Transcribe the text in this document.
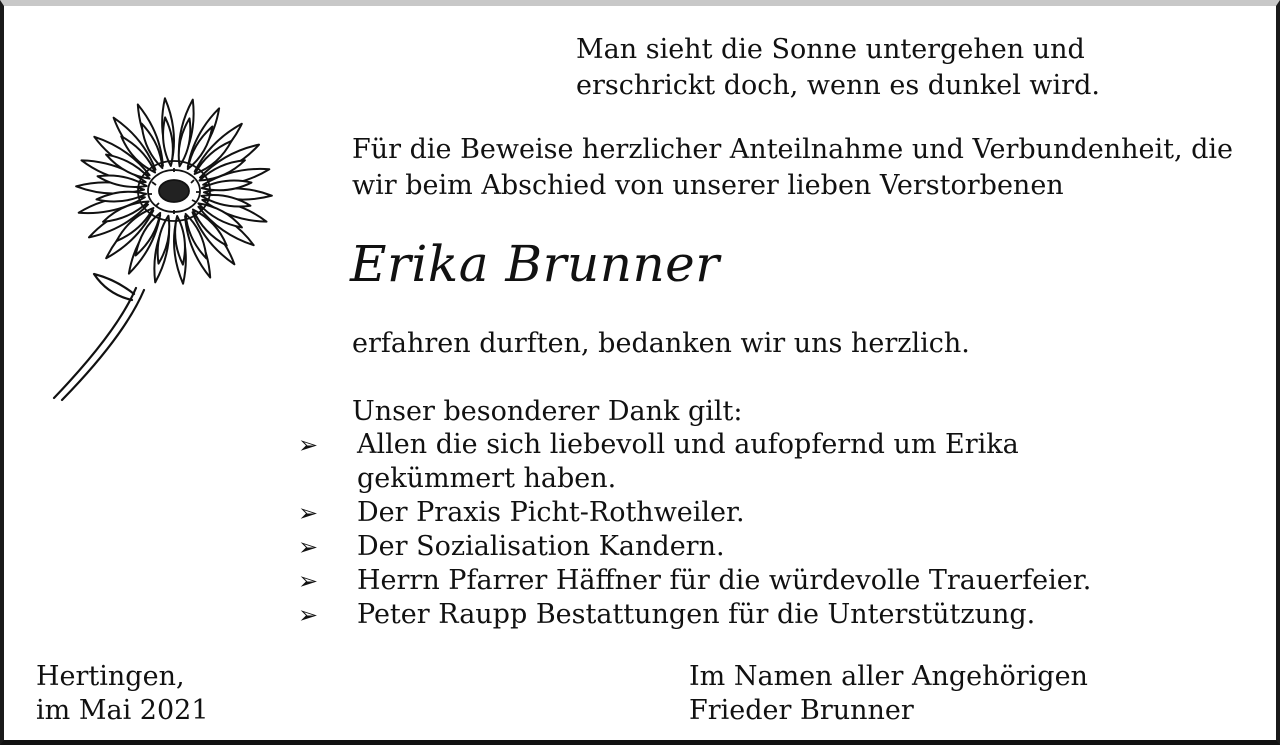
Man sieht die Sonne untergehen und
erschrickt doch, wenn es dunkel wird.
Für die Beweise herzlicher Anteilnahme und Verbundenheit, die
wir beim Abschied von unserer lieben Verstorbenen
Erika Brunner
erfahren durften, bedanken wir uns herzlich.
Unser besonderer Dank gilt:
➢ Allen die sich liebevoll und aufopfernd um Erika gekümmert haben.
➢ Der Praxis Picht-Rothweiler.
➢ Der Sozialisation Kandern.
➢ Herrn Pfarrer Häffner für die würdevolle Trauerfeier.
➢ Peter Raupp Bestattungen für die Unterstützung.
Hertingen,
im Mai 2021
Im Namen aller Angehörigen
Frieder Brunner
